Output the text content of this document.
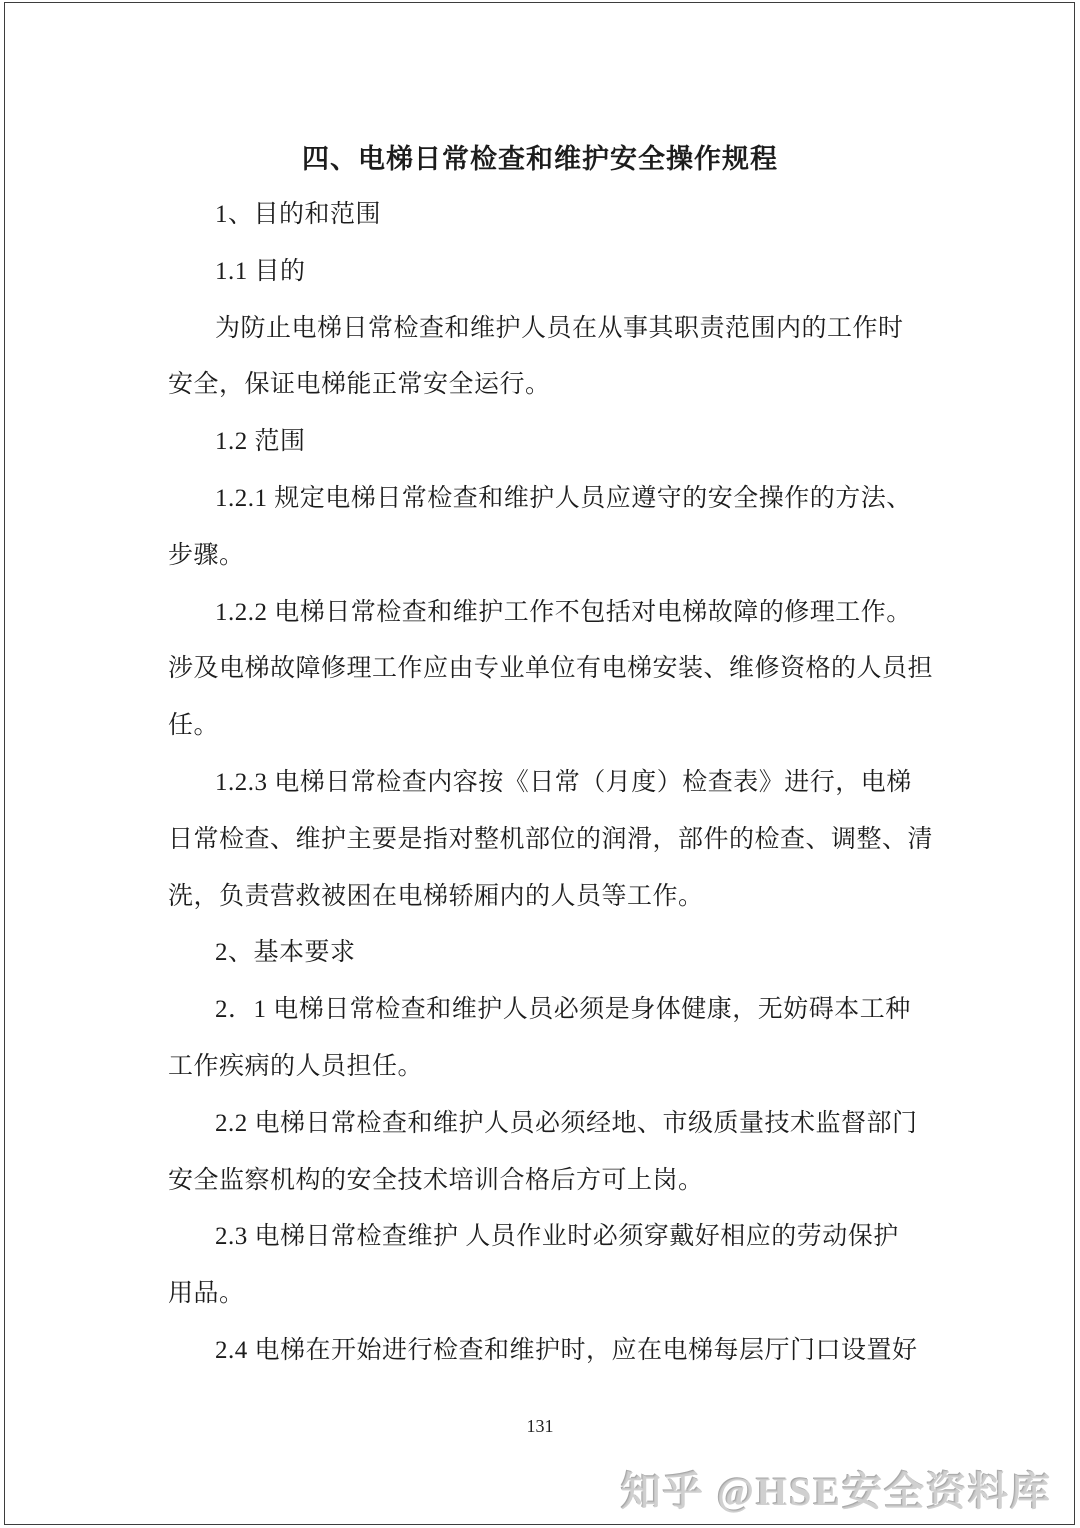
四、电梯日常检查和维护安全操作规程
1、目的和范围
1.1 目的
为防止电梯日常检查和维护人员在从事其职责范围内的工作时
安全，保证电梯能正常安全运行。
1.2 范围
1.2.1 规定电梯日常检查和维护人员应遵守的安全操作的方法、
步骤。
1.2.2 电梯日常检查和维护工作不包括对电梯故障的修理工作。
涉及电梯故障修理工作应由专业单位有电梯安装、维修资格的人员担
任。
1.2.3 电梯日常检查内容按《日常（月度）检查表》进行，电梯
日常检查、维护主要是指对整机部位的润滑，部件的检查、调整、清
洗，负责营救被困在电梯轿厢内的人员等工作。
2、基本要求
2．1 电梯日常检查和维护人员必须是身体健康，无妨碍本工种
工作疾病的人员担任。
2.2 电梯日常检查和维护人员必须经地、市级质量技术监督部门
安全监察机构的安全技术培训合格后方可上岗。
2.3 电梯日常检查维护 人员作业时必须穿戴好相应的劳动保护
用品。
2.4 电梯在开始进行检查和维护时，应在电梯每层厅门口设置好
131
知乎 @HSE安全资料库
